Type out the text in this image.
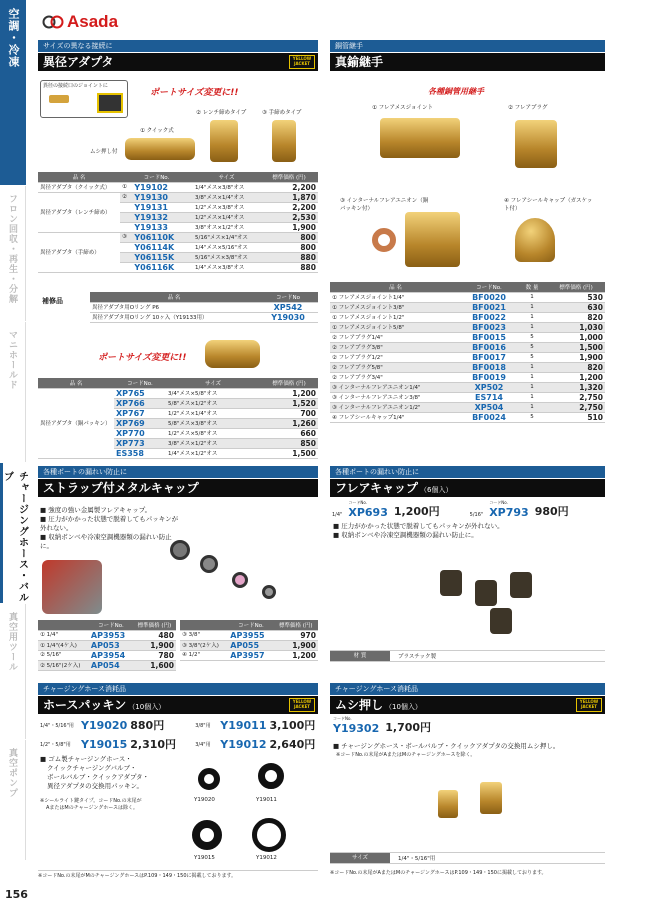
Asada
空調・冷凍
フロン回収・再生・分解
マニホールド
チャージングホース・バルブ
真空用ツール
真空ポンプ
156
サイズの異なる接続に
異径アダプタ	YELLOW JACKET
異径の接続口のジョイントに
ポートサイズ変更に!!
① クイック式
② レンチ締めタイプ	③ 手締めタイプ
ムシ押し付
品 名	コードNo.		サイズ	標準価格 (円)
異径アダプタ（クイック式）	①	Y19102	1/4"メス×3/8"オス	2,200
異径アダプタ（レンチ締め）	②	Y19130	3/8"メス×1/4"オス	1,870
		Y19131	1/2"メス×3/8"オス	2,200
		Y19132	1/2"メス×1/4"オス	2,530
		Y19133	3/8"オス×1/2"オス	1,900
異径アダプタ（手締め）	③	Y06110K	5/16"メス×1/4"オス	800
		Y06114K	1/4"メス×5/16"オス	800
		Y06115K	5/16"メス×3/8"オス	880
		Y06116K	1/4"メス×3/8"オス	880
補修品	品 名	コードNo
異径アダプタ用Oリング P6	XP542
異径アダプタ用Oリング 10ヶ入（Y19133用）	Y19030
ポートサイズ変更に!!
品 名	コードNo.	サイズ	標準価格 (円)
異径アダプタ（銅パッキン）	XP765	3/4"メス×5/8"オス	1,200
	XP766	5/8"メス×1/2"オス	1,520
	XP767	1/2"メス×1/4"オス	700
	XP769	5/8"メス×3/8"オス	1,260
	XP770	1/2"メス×5/8"オス	660
	XP773	3/8"メス×1/2"オス	850
	ES358	1/4"メス×1/2"オス	1,500
銅管継手
真鍮継手
各種銅管用継手
① フレアメスジョイント	② フレアプラグ
③ インターナルフレアユニオン（銅パッキン付）
④ フレアシールキャップ（ガスケット付）
品 名	コードNo.	数 量	標準価格 (円)
① フレアメスジョイント1/4"	BF0020	1	530
① フレアメスジョイント3/8"	BF0021	1	630
① フレアメスジョイント1/2"	BF0022	1	820
① フレアメスジョイント5/8"	BF0023	1	1,030
② フレアプラグ1/4"	BF0015	5	1,000
② フレアプラグ3/8"	BF0016	5	1,500
② フレアプラグ1/2"	BF0017	5	1,900
② フレアプラグ5/8"	BF0018	1	820
② フレアプラグ3/4"	BF0019	1	1,200
③ インターナルフレアユニオン1/4"	XP502	1	1,320
③ インターナルフレアユニオン3/8"	ES714	1	2,750
③ インターナルフレアユニオン1/2"	XP504	1	2,750
④ フレアシールキャップ1/4"	BF0024	5	510
各種ポートの漏れい防止に
ストラップ付メタルキャップ
■ 強度の強い金属製フレアキャップ。
■ 圧力がかかった状態で脱着してもパッキンが外れない。
■ 収納ボンベや冷凍空調機器類の漏れい防止に。
	コードNo.	標準価格 (円)
① 1/4"	AP3953	480
① 1/4"(4ケ入)	AP053	1,900
② 5/16"	AP3954	780
② 5/16"(2ケ入)	AP054	1,600
	コードNo.	標準価格 (円)
③ 3/8"	AP3955	970
③ 3/8"(2ケ入)	AP055	1,900
④ 1/2"	AP3957	1,200
各種ポートの漏れい防止に
フレアキャップ （6個入）
1/4"
コードNo.
XP693 1,200円	5/16"
コードNo.
XP793 980円
■ 圧力がかかった状態で脱着してもパッキンが外れない。
■ 収納ボンベや冷凍空調機器類の漏れい防止に。
材 質	プラスチック製
チャージングホース消耗品
ホースパッキン （10個入）
YELLOW JACKET
1/4"・5/16"用 Y19020 880円	3/8"用 Y19011 3,100円
1/2"・5/8"用 Y19015 2,310円	3/4"用 Y19012 2,640円
■ ゴム製チャージングホース・
クイックチャージングバルブ・
ボールバルブ・クイックアダプタ・
異径アダプタの交換用パッキン。
※シールライト鍵タイプ。コードNo.の末尾が
AまたはMのチャージングホースは除く。
Y19020	Y19011
Y19015	Y19012
※コードNo.の末尾がMのチャージングホースはP.109・149・150に掲載しております。
チャージングホース消耗品
ムシ押し （10個入）
YELLOW JACKET
コードNo.
Y19302 1,700円
■ チャージングホース・ボールバルブ・クイックアダプタの交換用ムシ押し。
※コードNo.の末尾がAまたはMのチャージングホースを除く。
サイズ	1/4"・5/16"用
※コードNo.の末尾がAまたはMのチャージングホースはP.109・149・150に掲載しております。
